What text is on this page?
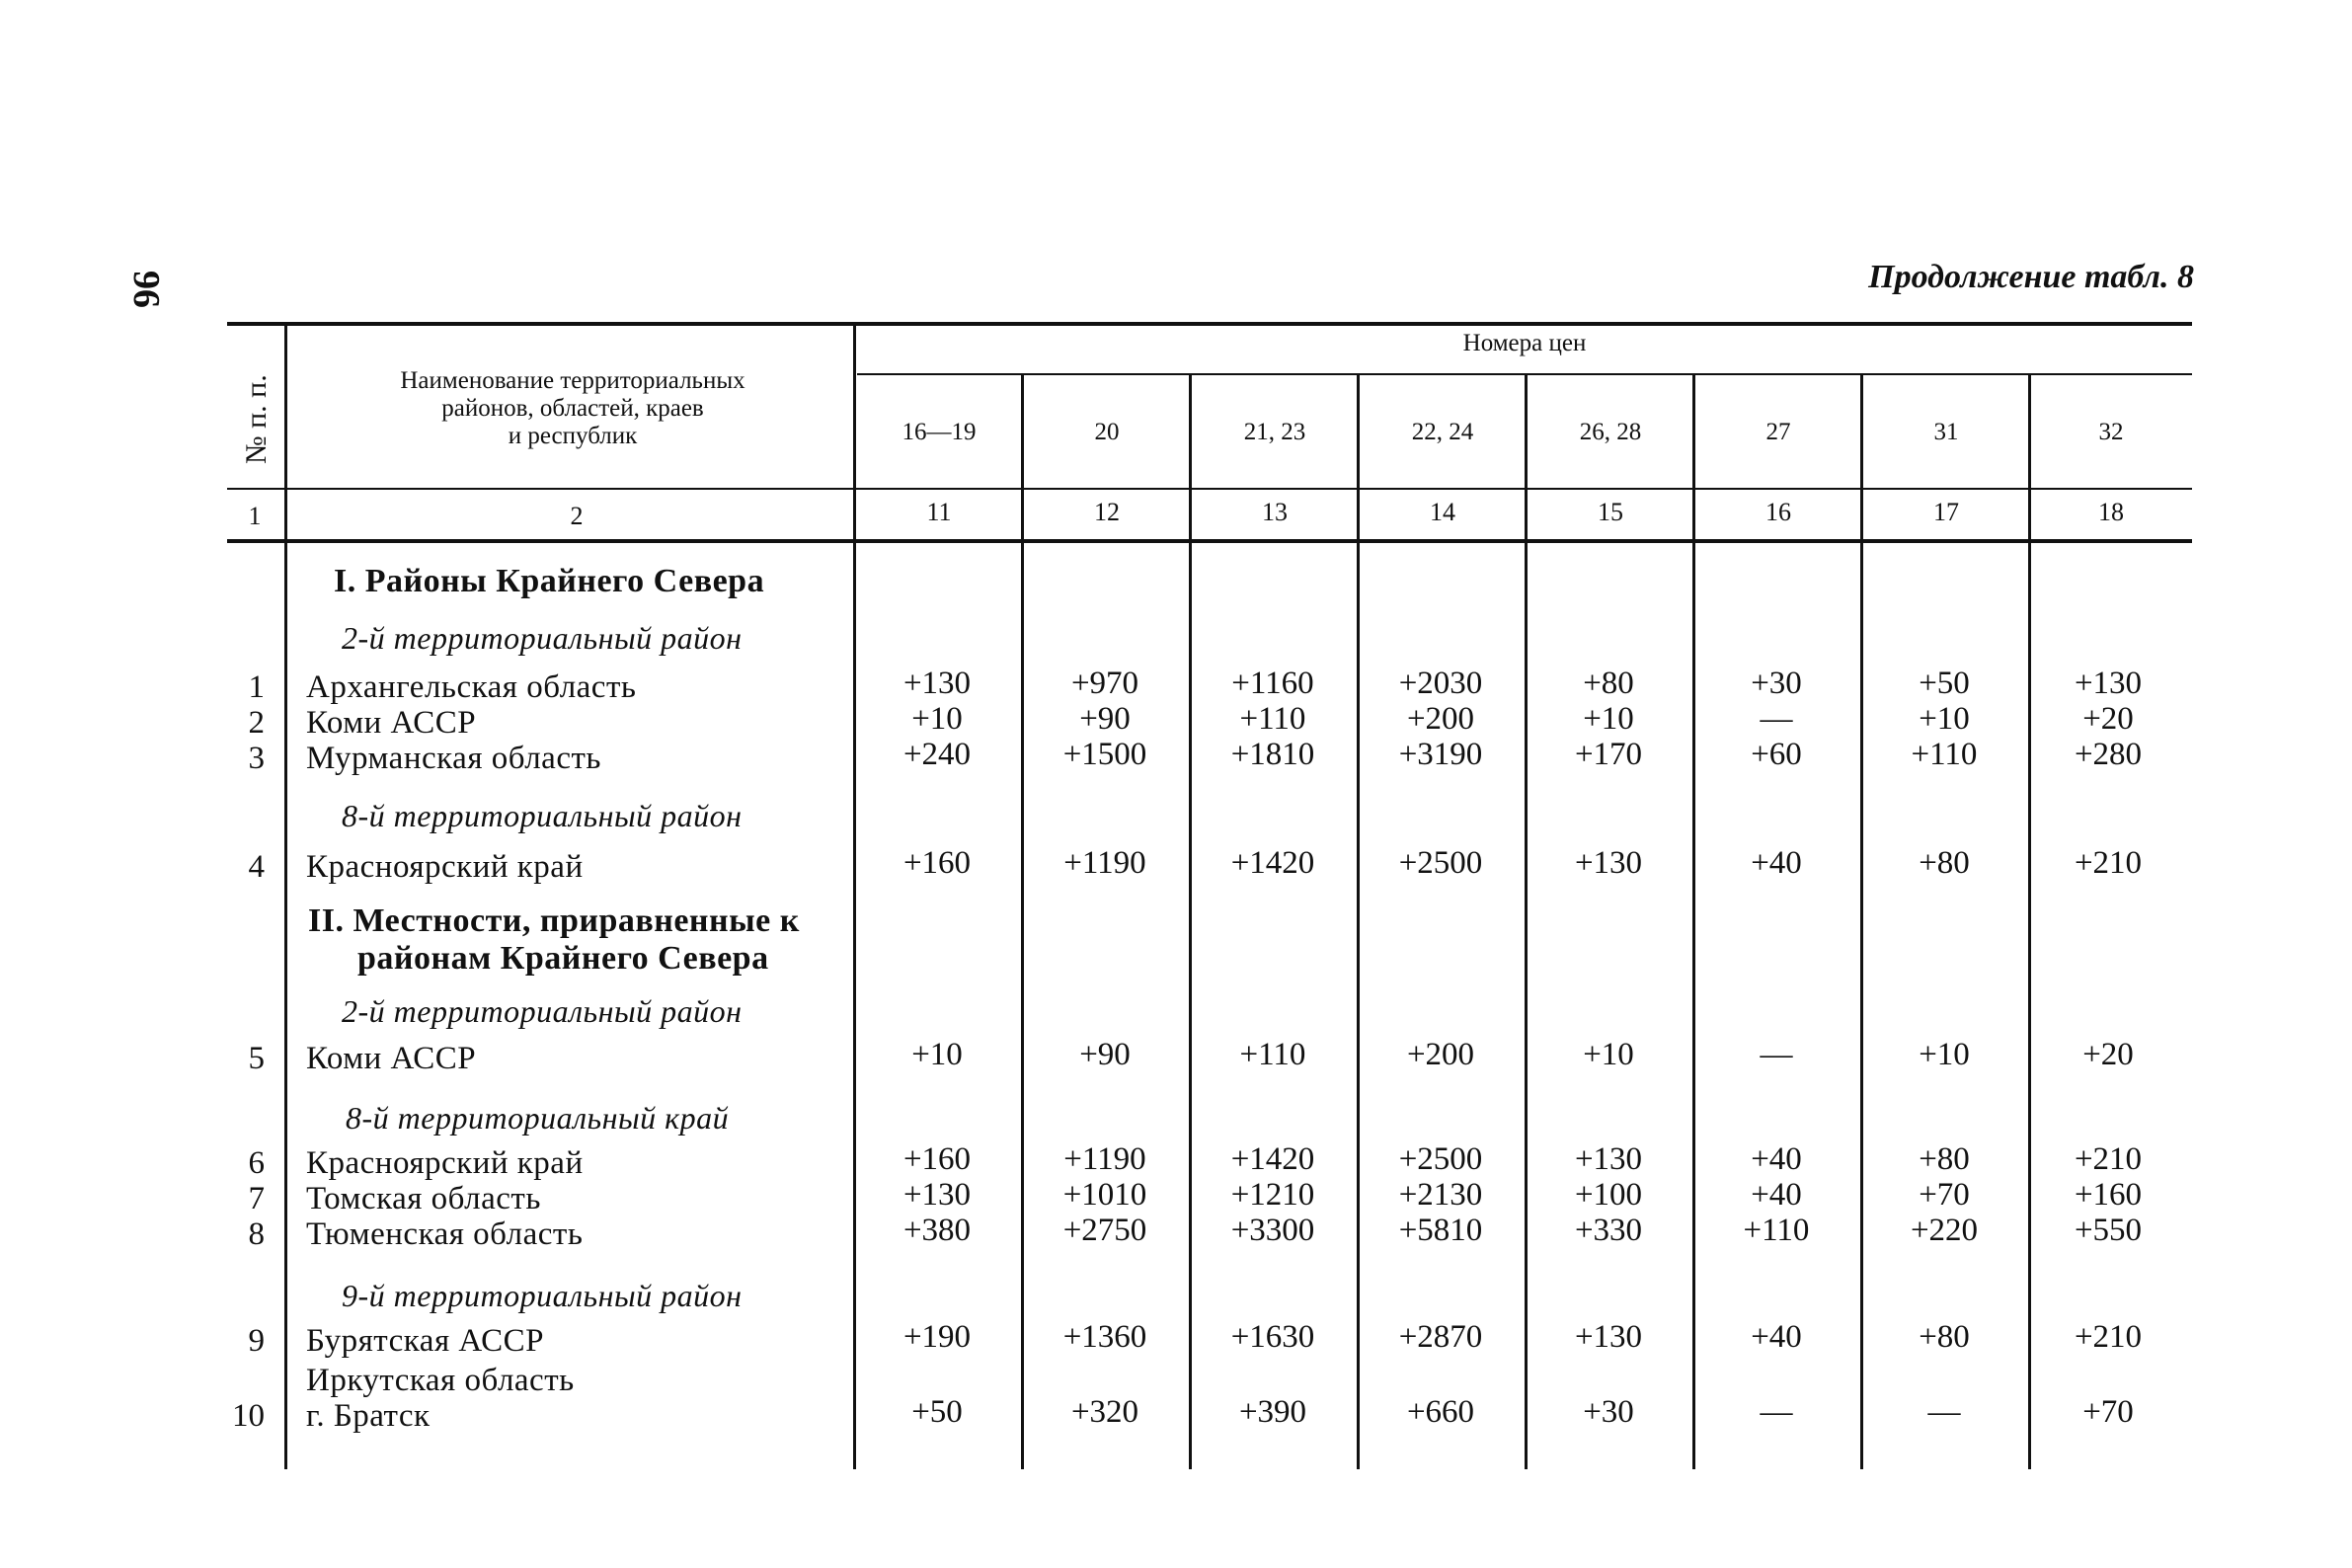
96	Продолжение табл. 8
№ п. п.	Наименование территориальных
районов, областей, краев
и республик
Номера цен
16—19	20	21, 23	22, 24	26, 28	27	31	32
1	2	11	12	13	14	15	16	17	18
I. Районы Крайнего Севера
2-й территориальный район
8-й территориальный район
II. Местности, приравненные к
районам Крайнего Севера
2-й территориальный район
8-й территориальный край
9-й территориальный район
Иркутская область
1 Архангельская область	+130	+970	+1160	+2030	+80	+30	+50	+130
2 Коми АССР	+10	+90	+110	+200	+10	—	+10	+20
3 Мурманская область	+240	+1500	+1810	+3190	+170	+60	+110	+280
4 Красноярский край	+160	+1190	+1420	+2500	+130	+40	+80	+210
5 Коми АССР	+10	+90	+110	+200	+10	—	+10	+20
6 Красноярский край	+160	+1190	+1420	+2500	+130	+40	+80	+210
7 Томская область	+130	+1010	+1210	+2130	+100	+40	+70	+160
8 Тюменская область	+380	+2750	+3300	+5810	+330	+110	+220	+550
9 Бурятская АССР	+190	+1360	+1630	+2870	+130	+40	+80	+210
10 г. Братск	+50	+320	+390	+660	+30	—	—	+70
